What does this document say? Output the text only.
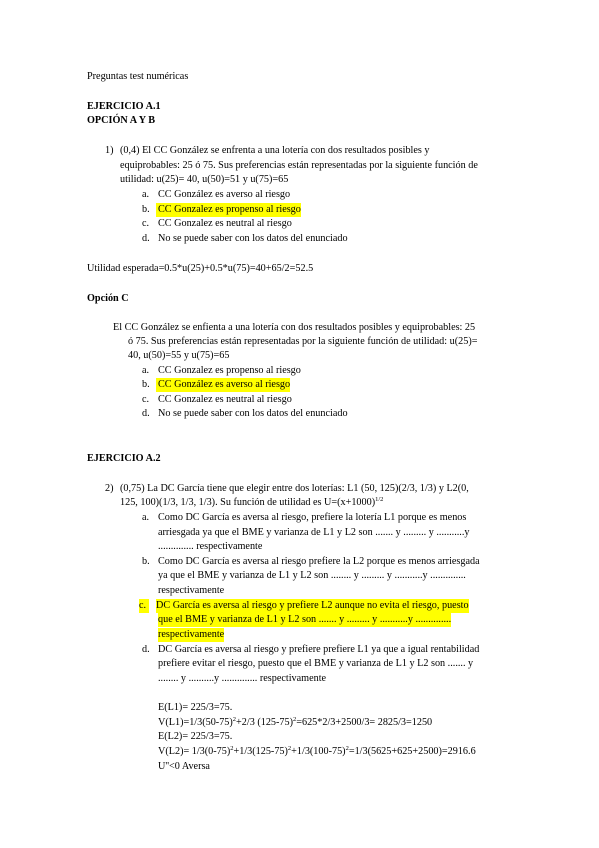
Preguntas test numéricas
EJERCICIO A.1
OPCIÓN A Y B
1) (0,4) El CC González se enfrenta a una lotería con dos resultados posibles y
equiprobables: 25 ó 75. Sus preferencias están representadas por la siguiente función de
utilidad: u(25)= 40, u(50)=51 y u(75)=65
a. CC González es averso al riesgo
b. CC Gonzalez es propenso al riesgo
c. CC Gonzalez es neutral al riesgo
d. No se puede saber con los datos del enunciado
Utilidad esperada=0.5*u(25)+0.5*u(75)=40+65/2=52.5
Opción C
El CC González se enfienta a una lotería con dos resultados posibles y equiprobables: 25
ó 75. Sus preferencias están representadas por la siguiente función de utilidad: u(25)=
40, u(50)=55 y u(75)=65
a. CC Gonzalez es propenso al riesgo
b. CC González es averso al riesgo
c. CC Gonzalez es neutral al riesgo
d. No se puede saber con los datos del enunciado
EJERCICIO A.2
2) (0,75) La DC García tiene que elegir entre dos loterías: L1 (50, 125)(2/3, 1/3) y L2(0,
125, 100)(1/3, 1/3, 1/3). Su función de utilidad es $U=(x+1000)^{1/2}$
a. Como DC García es aversa al riesgo, prefiere la lotería L1 porque es menos
arriesgada ya que el BME y varianza de L1 y L2 son ....... y ......... y ...........y
.............. respectivamente
b. Como DC García es aversa al riesgo prefiere la L2 porque es menos arriesgada
ya que el BME y varianza de L1 y L2 son ........ y ......... y ...........y ..............
respectivamente
c. DC García es aversa al riesgo y prefiere L2 aunque no evita el riesgo, puesto
que el BME y varianza de L1 y L2 son ....... y ......... y ...........y ..............
respectivamente
d. DC García es aversa al riesgo y prefiere prefiere L1 ya que a igual rentabilidad
prefiere evitar el riesgo, puesto que el BME y varianza de L1 y L2 son ....... y
........ y ..........y .............. respectivamente
E(L1)= 225/3=75.
$V(L1)=1/3(50-75)^2+2/3$ $(125-75)^2=625*2/3+2500/3= 2825/3=1250$
E(L2)= 225/3=75.
$V(L2)= 1/3(0-75)^2+1/3(125-75)^2+1/3(100-75)^2=1/3(5625+625+2500)=2916.6$
U''<0 Aversa
